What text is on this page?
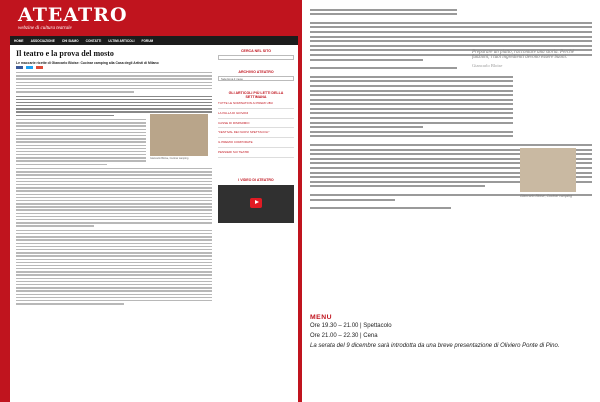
ATEATRO
webzine di cultura teatrale
HOME ASSOCIAZIONE CHI SIAMO CONTATTI ULTIMI ARTICOLI FORUM
Il teatro e la prova del mosto
Le maccarie ricette di Giancarlo Bloise: Cucinar camping alla Casa degli Artisti di Milano
Giancarlo Bloise, Cucinar camping
CERCA NEL SITO
ARCHIVIO ATEATRO
Seleziona il mese
GLI ARTICOLI PIÙ LETTI DELLA SETTIMANA
TUTTE LE NOMINATION AI PREMI UBU
LA PALLA DI GIOVANI
CASSE DI RISPARMIO
"FESTIVAL DEI NUOVI SPETTACOLI"
IL PREMIO CORPORATE
PENSIERI SUI TEATRI
I VIDEO DI ATEATRO
Preparare un piatto, raccontare una storia. Perché funzioni, i tuoi ingredienti devono essere buoni.
Giancarlo Bloise
Giancarlo Bloise, Cucinar camping
MENU
Ore 19.30 – 21.00 | Spettacolo
Ore 21.00 – 22.30 | Cena
La serata del 9 dicembre sarà introdotta da una breve presentazione di Oliviero Ponte di Pino.
